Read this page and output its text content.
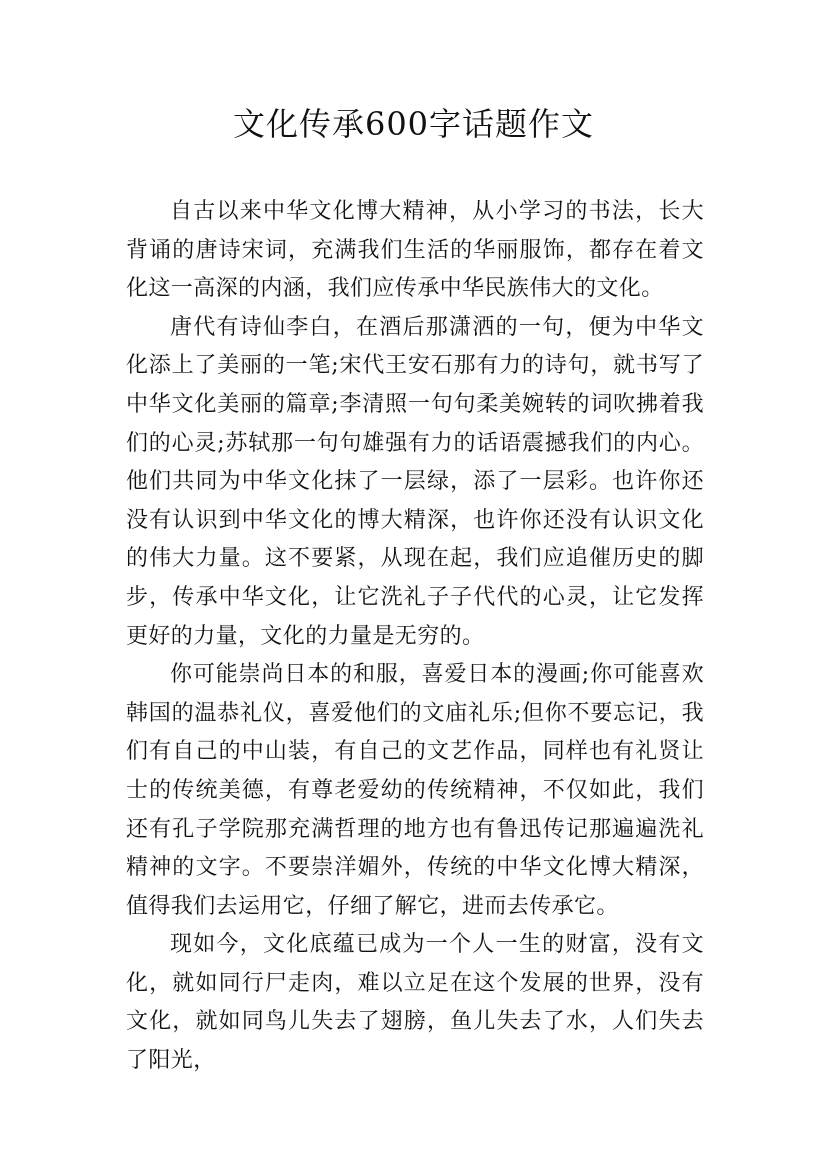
文化传承600字话题作文

自古以来中华文化博大精神，从小学习的书法，长大背诵的唐诗宋词，充满我们生活的华丽服饰，都存在着文化这一高深的内涵，我们应传承中华民族伟大的文化。

唐代有诗仙李白，在酒后那潇洒的一句，便为中华文化添上了美丽的一笔;宋代王安石那有力的诗句，就书写了中华文化美丽的篇章;李清照一句句柔美婉转的词吹拂着我们的心灵;苏轼那一句句雄强有力的话语震撼我们的内心。他们共同为中华文化抹了一层绿，添了一层彩。也许你还没有认识到中华文化的博大精深，也许你还没有认识文化的伟大力量。这不要紧，从现在起，我们应追催历史的脚步，传承中华文化，让它洗礼子子代代的心灵，让它发挥更好的力量，文化的力量是无穷的。

你可能崇尚日本的和服，喜爱日本的漫画;你可能喜欢韩国的温恭礼仪，喜爱他们的文庙礼乐;但你不要忘记，我们有自己的中山装，有自己的文艺作品，同样也有礼贤让士的传统美德，有尊老爱幼的传统精神，不仅如此，我们还有孔子学院那充满哲理的地方也有鲁迅传记那遍遍洗礼精神的文字。不要崇洋媚外，传统的中华文化博大精深，值得我们去运用它，仔细了解它，进而去传承它。

现如今，文化底蕴已成为一个人一生的财富，没有文化，就如同行尸走肉，难以立足在这个发展的世界，没有文化，就如同鸟儿失去了翅膀，鱼儿失去了水，人们失去了阳光，
